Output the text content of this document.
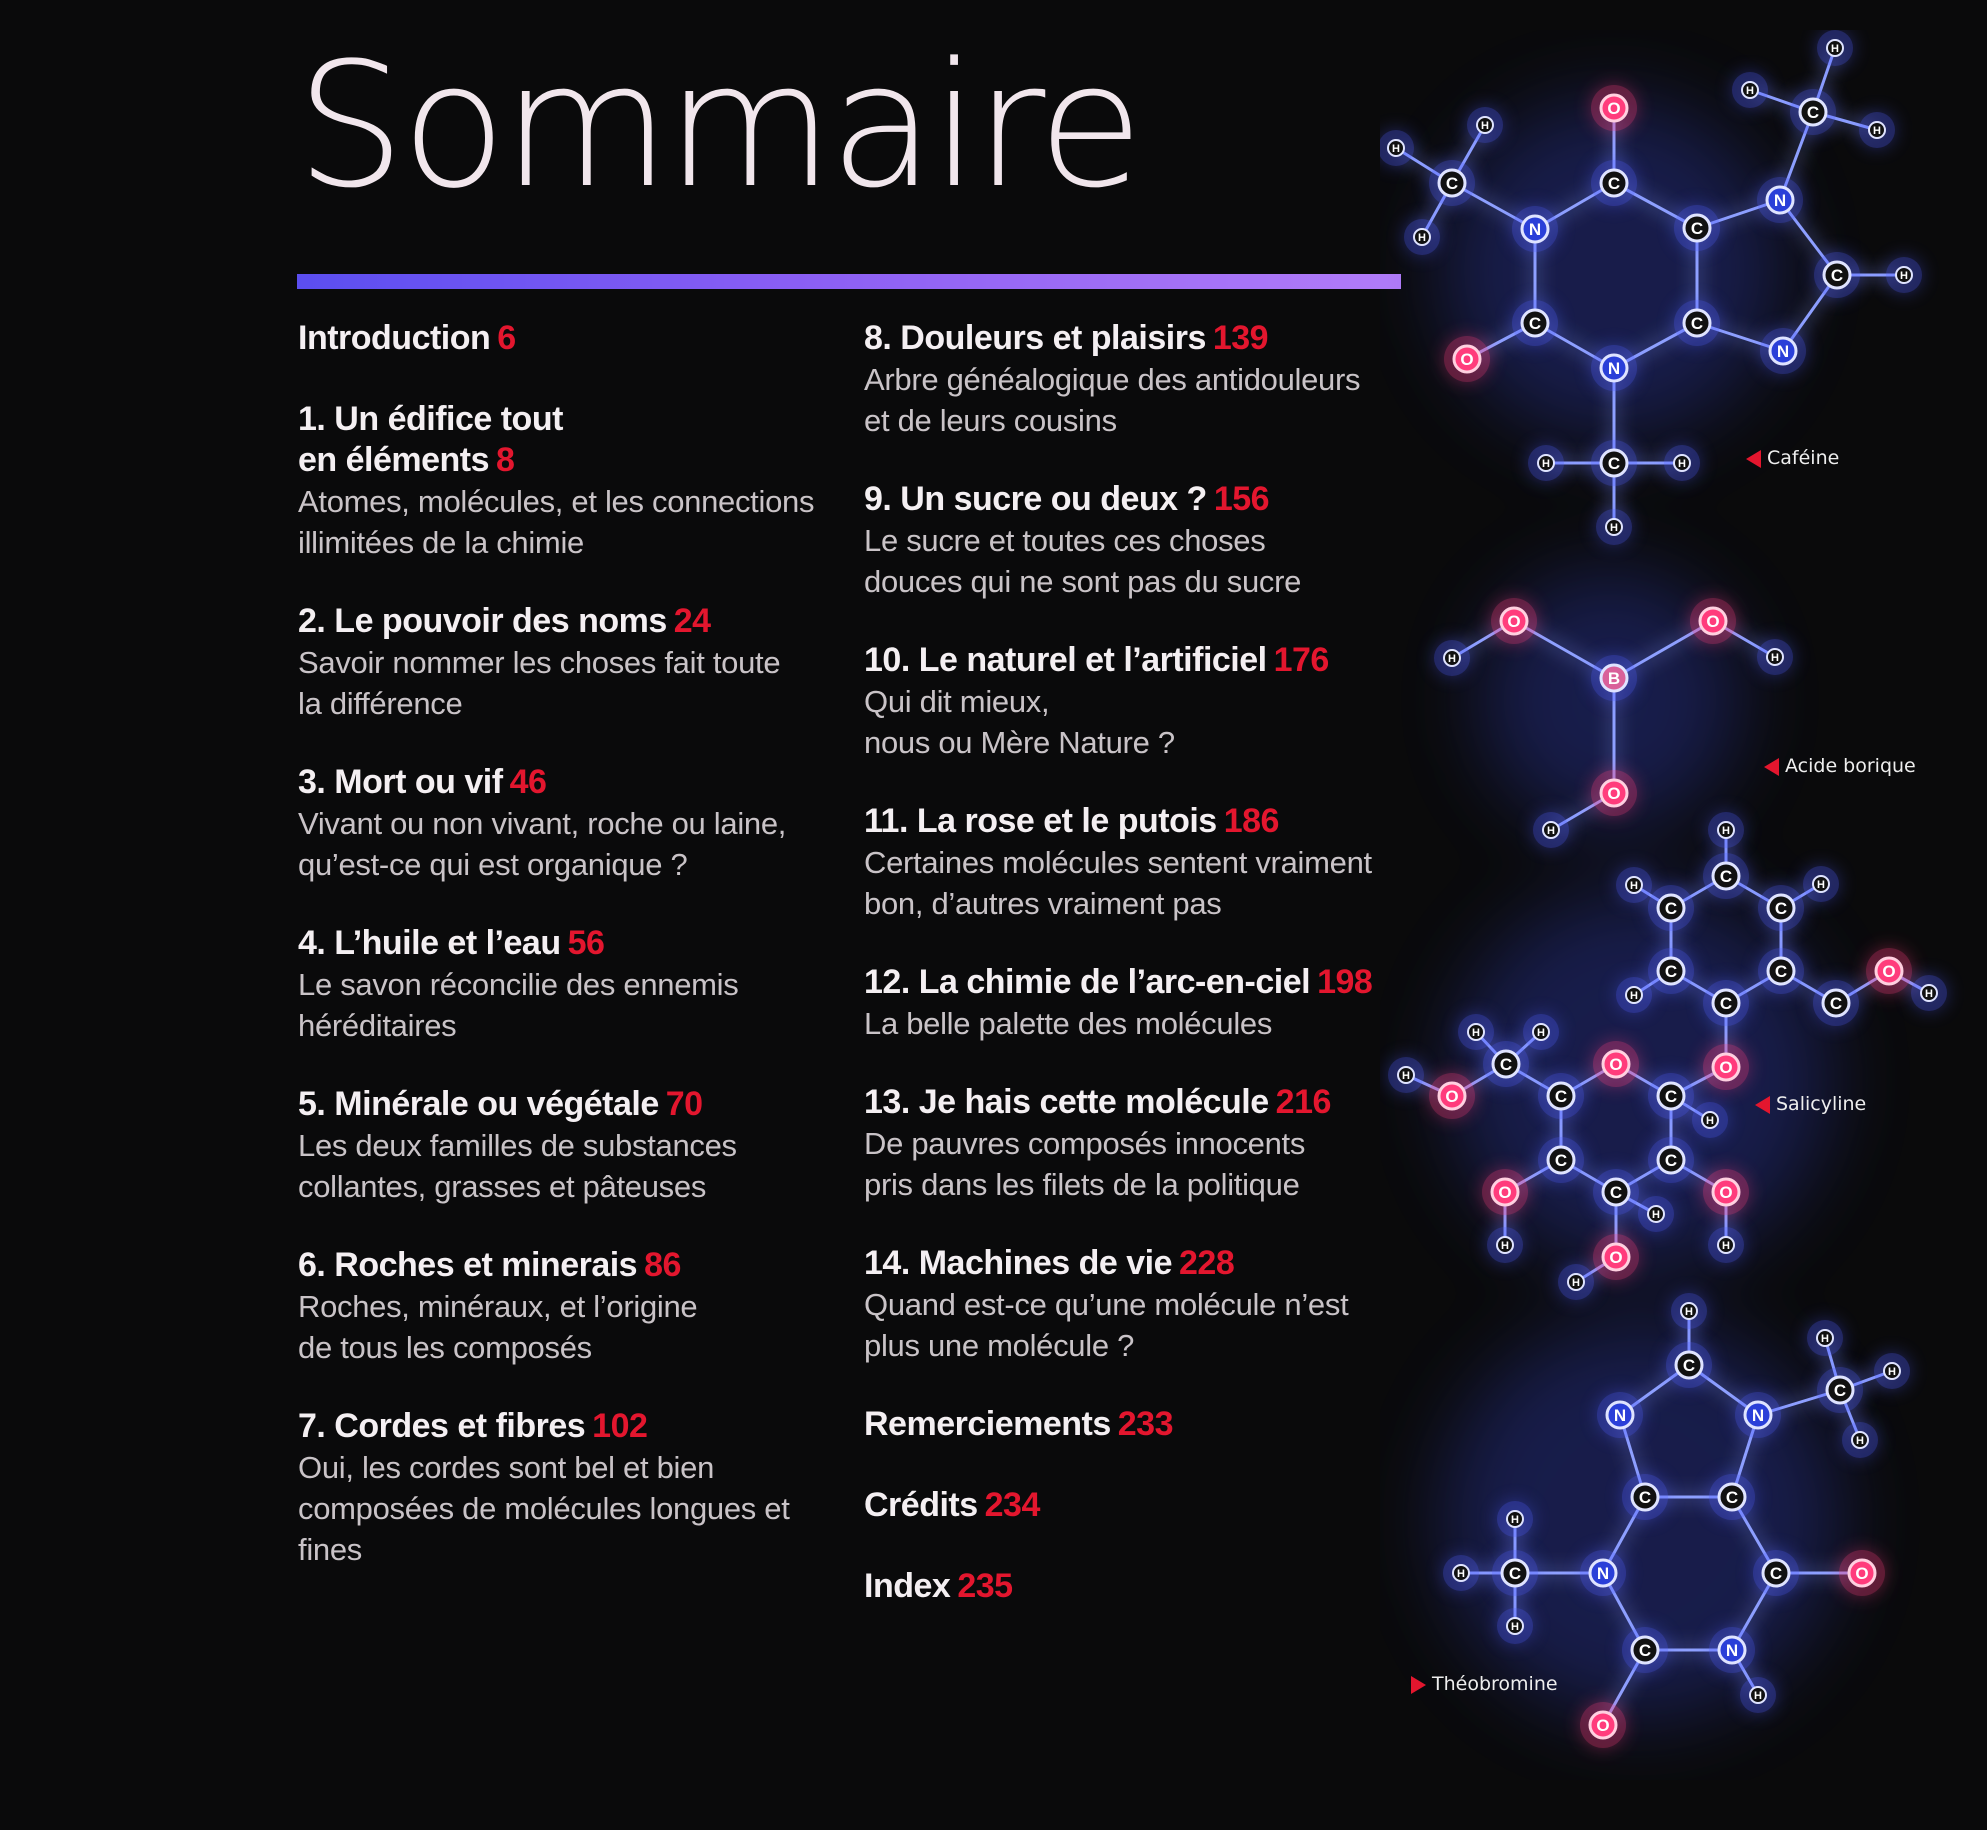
Sommaire
Introduction 6
1. Un édifice tout
en éléments 8

Atomes, molécules, et les connections
illimitées de la chimie

2. Le pouvoir des noms 24

Savoir nommer les choses fait toute
la différence

3. Mort ou vif 46

Vivant ou non vivant, roche ou laine,
qu’est-ce qui est organique ?

4. L’huile et l’eau 56

Le savon réconcilie des ennemis
héréditaires

5. Minérale ou végétale 70

Les deux familles de substances
collantes, grasses et pâteuses

6. Roches et minerais 86

Roches, minéraux, et l’origine
de tous les composés

7. Cordes et fibres 102

Oui, les cordes sont bel et bien
composées de molécules longues et fines

8. Douleurs et plaisirs 139

Arbre généalogique des antidouleurs
et de leurs cousins

9. Un sucre ou deux ? 156

Le sucre et toutes ces choses
douces qui ne sont pas du sucre

10. Le naturel et l’artificiel 176

Qui dit mieux,
nous ou Mère Nature ?

11. La rose et le putois 186

Certaines molécules sentent vraiment
bon, d’autres vraiment pas

12. La chimie de l’arc-en-ciel 198

La belle palette des molécules

13. Je hais cette molécule 216

De pauvres composés innocents
pris dans les filets de la politique

14. Machines de vie 228

Quand est-ce qu’une molécule n’est
plus une molécule ?

Remerciements 233
Crédits 234
Index 235
O
C
N
C
O	N
C
C
N
C
N
C
H
H
H
C
H	H
H
C
H
H
H
H
B
O	O
O
H	H
H
C
C
C
C
C
C
C
O
H
H
H
H
H
O
C
C
C
C
C
O
O	O
O
C
O
H
H
H
H	H
H
H	H
C
N	N
C	C
N
C	N
C	O
O
C
H
H
H
C
H
H
H
H
H
Caféine
Acide borique
Salicyline
Théobromine
